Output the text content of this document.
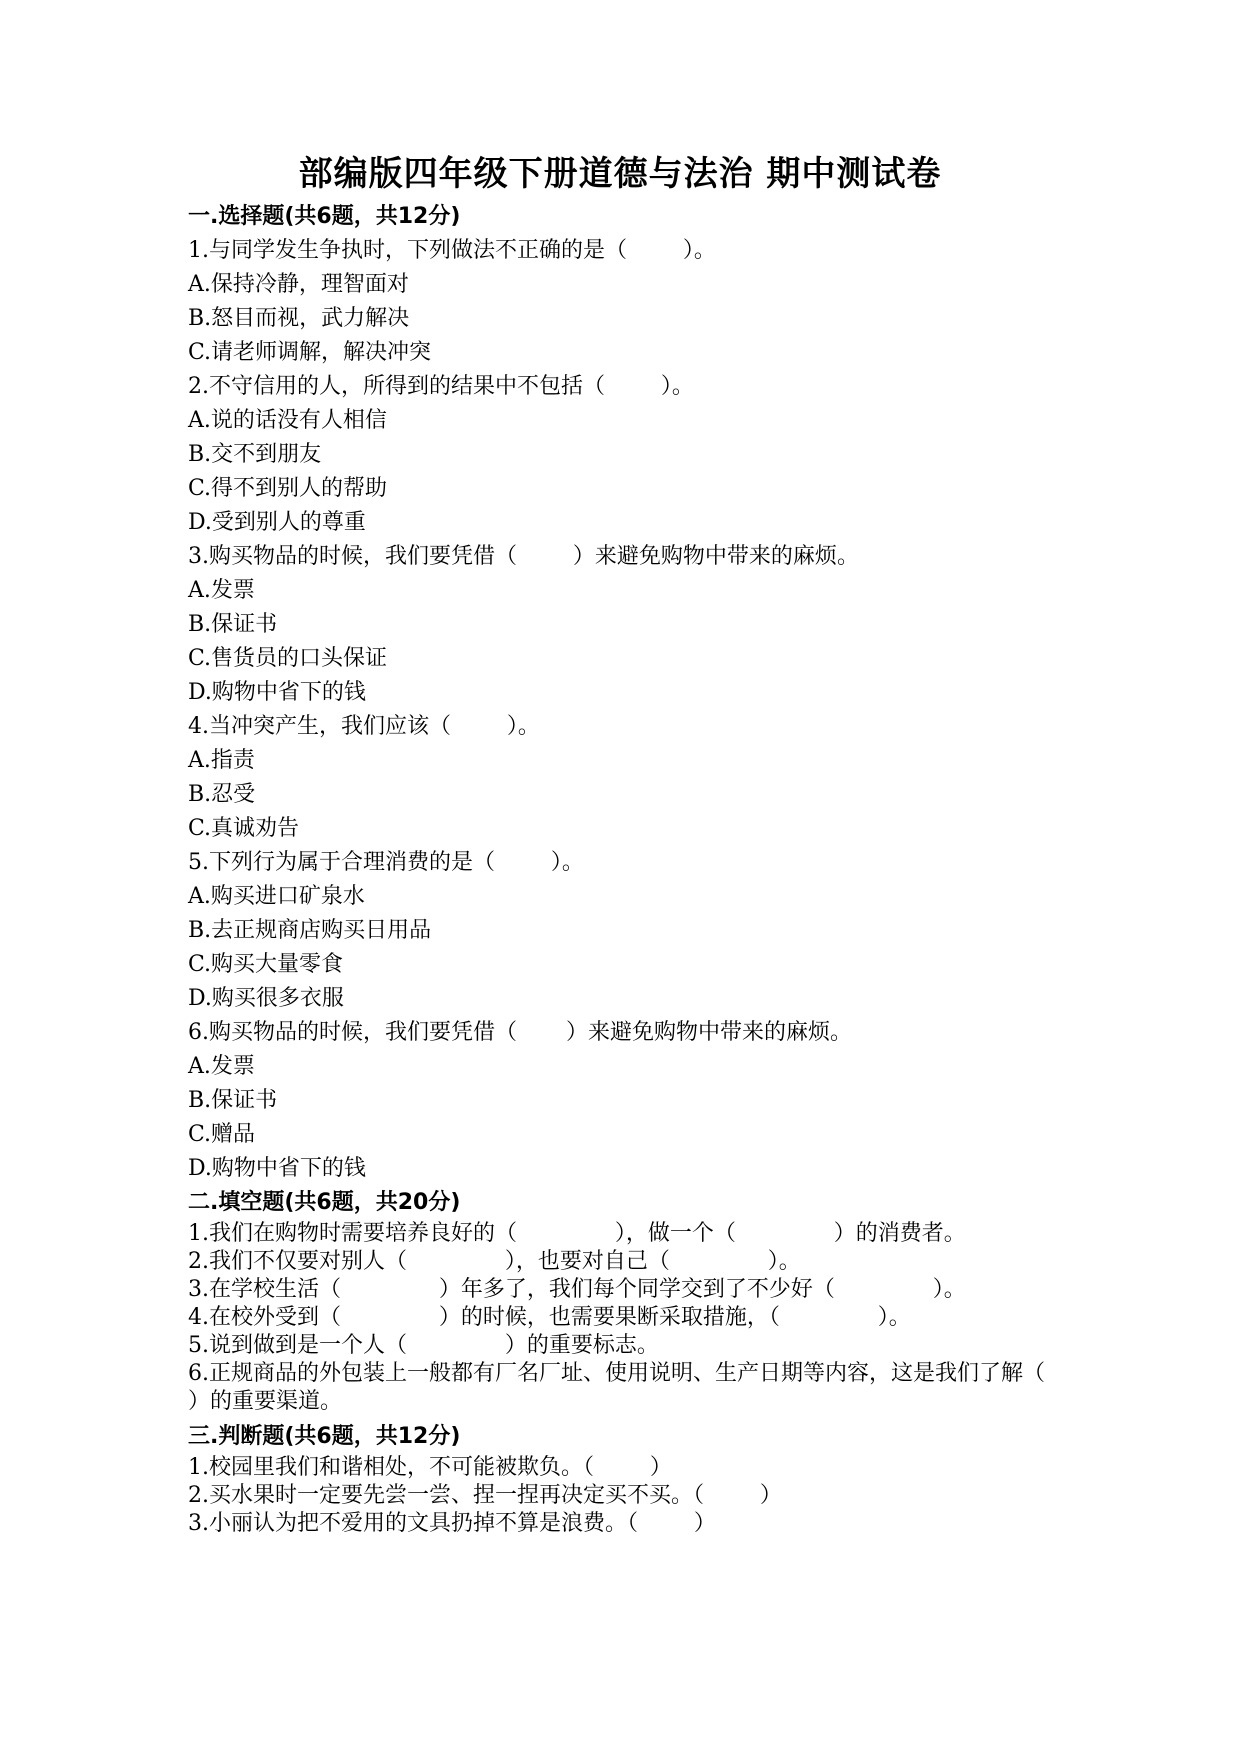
部编版四年级下册道德与法治 期中测试卷
一.选择题(共6题，共12分)
1.与同学发生争执时，下列做法不正确的是（        ）。
A.保持冷静，理智面对
B.怒目而视，武力解决
C.请老师调解，解决冲突
2.不守信用的人，所得到的结果中不包括（        ）。
A.说的话没有人相信
B.交不到朋友
C.得不到别人的帮助
D.受到别人的尊重
3.购买物品的时候，我们要凭借（        ）来避免购物中带来的麻烦。
A.发票
B.保证书
C.售货员的口头保证
D.购物中省下的钱
4.当冲突产生，我们应该（        ）。
A.指责
B.忍受
C.真诚劝告
5.下列行为属于合理消费的是（        ）。
A.购买进口矿泉水
B.去正规商店购买日用品
C.购买大量零食
D.购买很多衣服
6.购买物品的时候，我们要凭借（       ）来避免购物中带来的麻烦。
A.发票
B.保证书
C.赠品
D.购物中省下的钱
二.填空题(共6题，共20分)
1.我们在购物时需要培养良好的（              ），做一个（              ）的消费者。
2.我们不仅要对别人（              ），也要对自己（              ）。
3.在学校生活（              ）年多了，我们每个同学交到了不少好（              ）。
4.在校外受到（              ）的时候，也需要果断采取措施，（              ）。
5.说到做到是一个人（              ）的重要标志。
6.正规商品的外包装上一般都有厂名厂址、使用说明、生产日期等内容，这是我们了解（              ）的重要渠道。
三.判断题(共6题，共12分)
1.校园里我们和谐相处，不可能被欺负。（        ）
2.买水果时一定要先尝一尝、捏一捏再决定买不买。（        ）
3.小丽认为把不爱用的文具扔掉不算是浪费。（        ）
